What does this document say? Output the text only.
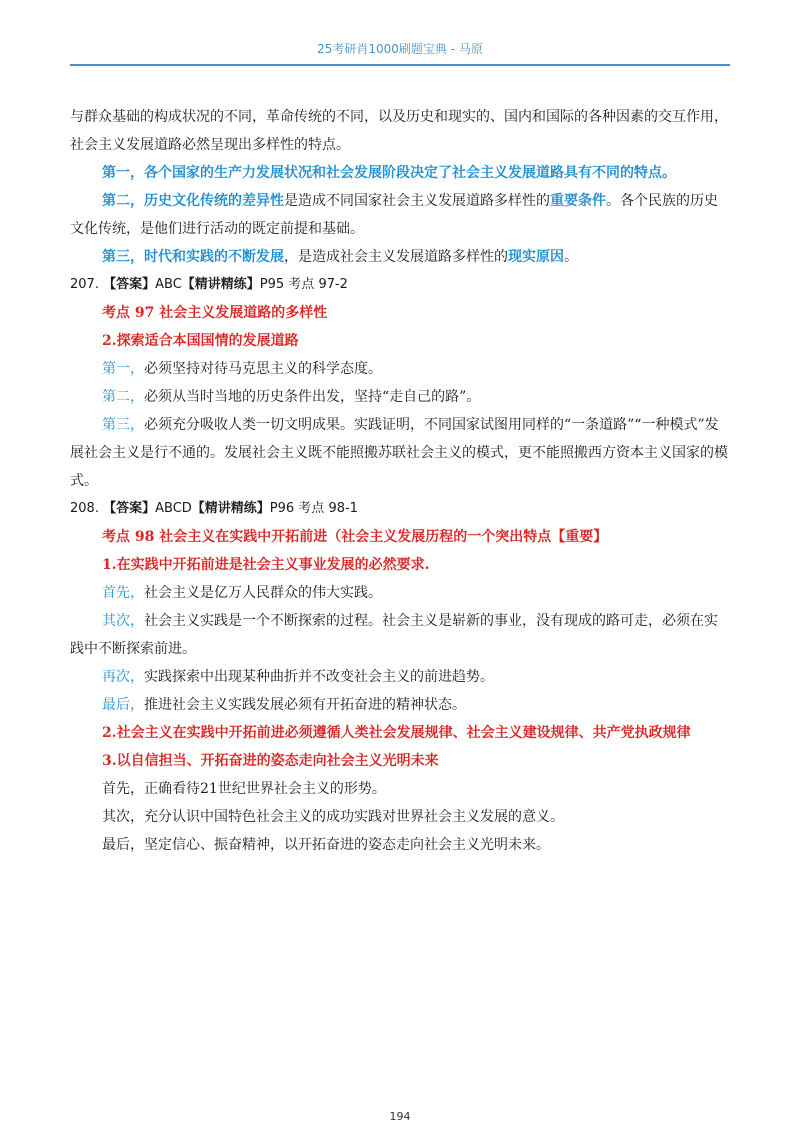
25考研肖1000刷题宝典 - 马原

与群众基础的构成状况的不同，革命传统的不同，以及历史和现实的、国内和国际的各种因素的交互作用，

社会主义发展道路必然呈现出多样性的特点。

第一，各个国家的生产力发展状况和社会发展阶段决定了社会主义发展道路具有不同的特点。

第二，历史文化传统的差异性是造成不同国家社会主义发展道路多样性的重要条件。各个民族的历史文化传统，是他们进行活动的既定前提和基础。

第三，时代和实践的不断发展，是造成社会主义发展道路多样性的现实原因。

207. 【答案】ABC【精讲精练】P95 考点 97-2

考点 97 社会主义发展道路的多样性

2.探索适合本国国情的发展道路

第一，必须坚持对待马克思主义的科学态度。

第二，必须从当时当地的历史条件出发，坚持“走自己的路”。

第三，必须充分吸收人类一切文明成果。实践证明，不同国家试图用同样的“一条道路”“一种模式”发展社会主义是行不通的。发展社会主义既不能照搬苏联社会主义的模式，更不能照搬西方资本主义国家的模式。

208. 【答案】ABCD【精讲精练】P96 考点 98-1

考点 98 社会主义在实践中开拓前进（社会主义发展历程的一个突出特点【重要】

1.在实践中开拓前进是社会主义事业发展的必然要求.

首先，社会主义是亿万人民群众的伟大实践。

其次，社会主义实践是一个不断探索的过程。社会主义是崭新的事业，没有现成的路可走，必须在实践中不断探索前进。

再次，实践探索中出现某种曲折并不改变社会主义的前进趋势。

最后，推进社会主义实践发展必须有开拓奋进的精神状态。

2.社会主义在实践中开拓前进必须遵循人类社会发展规律、社会主义建设规律、共产党执政规律

3.以自信担当、开拓奋进的姿态走向社会主义光明未来

首先，正确看待21世纪世界社会主义的形势。

其次，充分认识中国特色社会主义的成功实践对世界社会主义发展的意义。

最后，坚定信心、振奋精神，以开拓奋进的姿态走向社会主义光明未来。

194
